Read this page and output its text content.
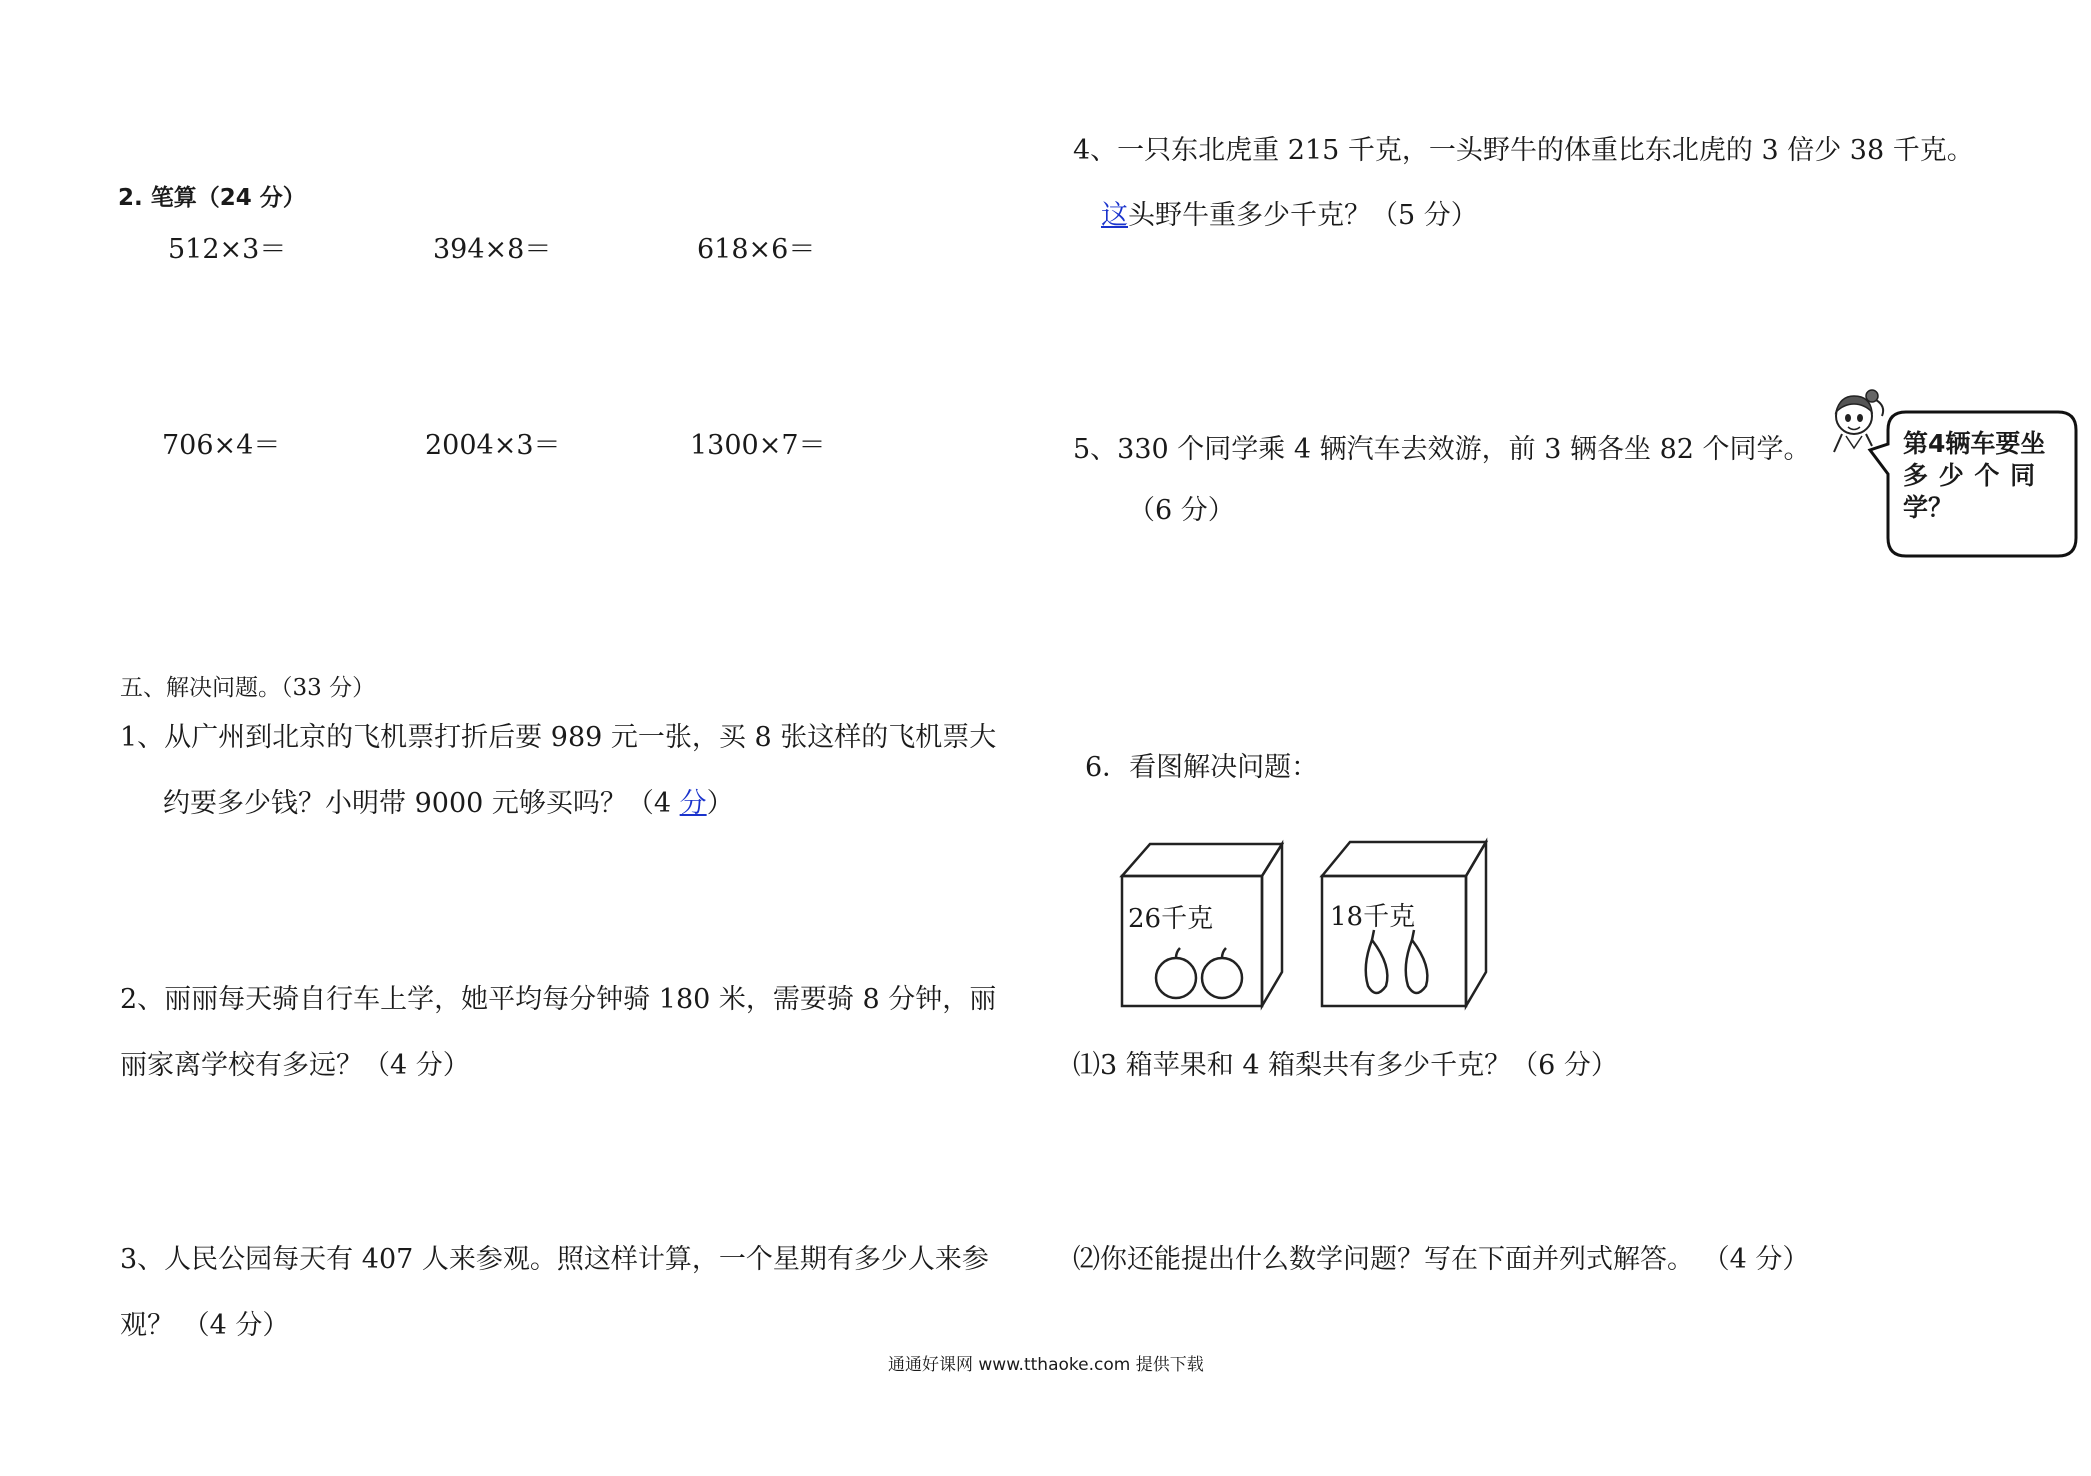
2. 笔算（24 分）
512×3＝	394×8＝	618×6＝
706×4＝	2004×3＝	1300×7＝
五、解决问题。（33 分）
1、从广州到北京的飞机票打折后要 989 元一张，买 8 张这样的飞机票大
约要多少钱？小明带 9000 元够买吗？（4 分）
2、丽丽每天骑自行车上学，她平均每分钟骑 180 米，需要骑 8 分钟，丽
丽家离学校有多远？（4 分）
3、人民公园每天有 407 人来参观。照这样计算，一个星期有多少人来参
观？ （4 分）
4、一只东北虎重 215 千克，一头野牛的体重比东北虎的 3 倍少 38 千克。
这头野牛重多少千克？（5 分）
5、330 个同学乘 4 辆汽车去效游，前 3 辆各坐 82 个同学。
（6 分）
第4辆车要坐
多 少 个 同
学？
6．看图解决问题：
26千克	18千克
⑴3 箱苹果和 4 箱梨共有多少千克？（6 分）
⑵你还能提出什么数学问题？写在下面并列式解答。 （4 分）
通通好课网 www.tthaoke.com 提供下载
